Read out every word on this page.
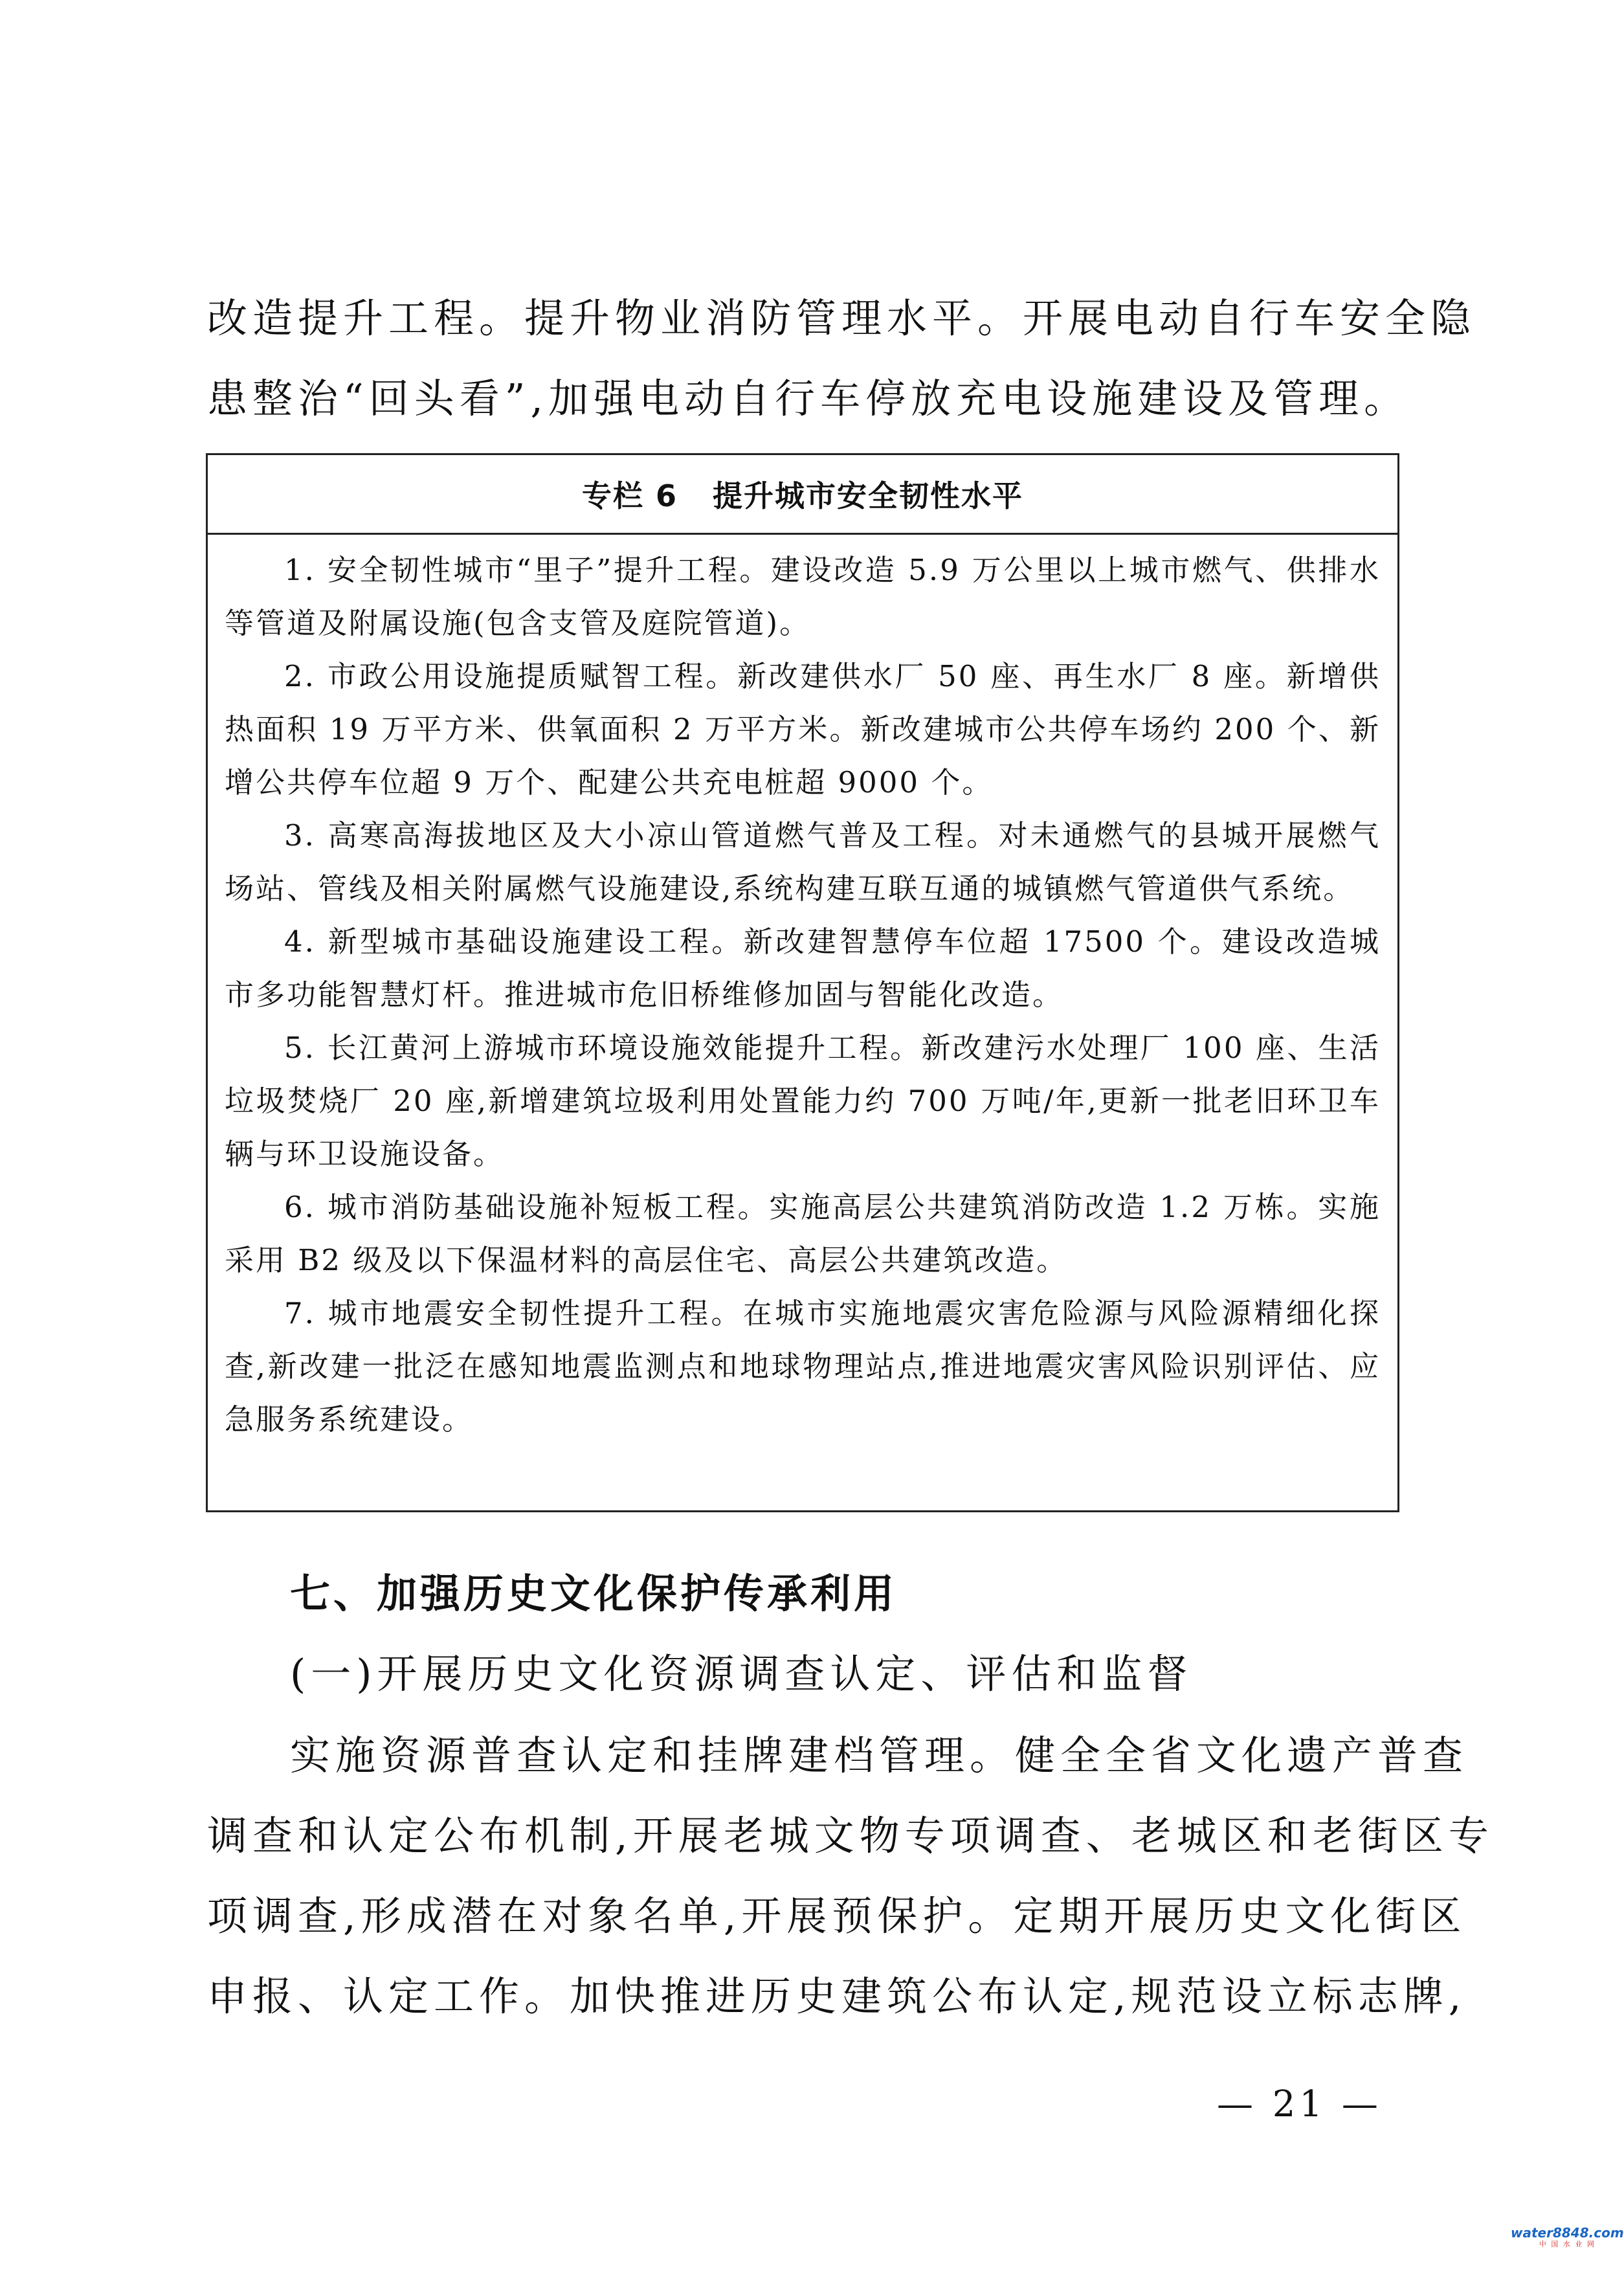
改造提升工程。提升物业消防管理水平。开展电动自行车安全隐
患整治“回头看”,加强电动自行车停放充电设施建设及管理。
专栏 6 提升城市安全韧性水平

1. 安全韧性城市“里子”提升工程。建设改造 5.9 万公里以上城市燃气、供排水等管道及附属设施(包含支管及庭院管道)。

2. 市政公用设施提质赋智工程。新改建供水厂 50 座、再生水厂 8 座。新增供热面积 19 万平方米、供氧面积 2 万平方米。新改建城市公共停车场约 200 个、新增公共停车位超 9 万个、配建公共充电桩超 9000 个。

3. 高寒高海拔地区及大小凉山管道燃气普及工程。对未通燃气的县城开展燃气场站、管线及相关附属燃气设施建设,系统构建互联互通的城镇燃气管道供气系统。

4. 新型城市基础设施建设工程。新改建智慧停车位超 17500 个。建设改造城市多功能智慧灯杆。推进城市危旧桥维修加固与智能化改造。

5. 长江黄河上游城市环境设施效能提升工程。新改建污水处理厂 100 座、生活垃圾焚烧厂 20 座,新增建筑垃圾利用处置能力约 700 万吨/年,更新一批老旧环卫车辆与环卫设施设备。

6. 城市消防基础设施补短板工程。实施高层公共建筑消防改造 1.2 万栋。实施采用 B2 级及以下保温材料的高层住宅、高层公共建筑改造。

7. 城市地震安全韧性提升工程。在城市实施地震灾害危险源与风险源精细化探查,新改建一批泛在感知地震监测点和地球物理站点,推进地震灾害风险识别评估、应急服务系统建设。

七、加强历史文化保护传承利用
(一)开展历史文化资源调查认定、评估和监督
实施资源普查认定和挂牌建档管理。健全全省文化遗产普查
调查和认定公布机制,开展老城文物专项调查、老城区和老街区专
项调查,形成潜在对象名单,开展预保护。定期开展历史文化街区
申报、认定工作。加快推进历史建筑公布认定,规范设立标志牌,
— 21 —
water8848.com
中 国 水 业 网
